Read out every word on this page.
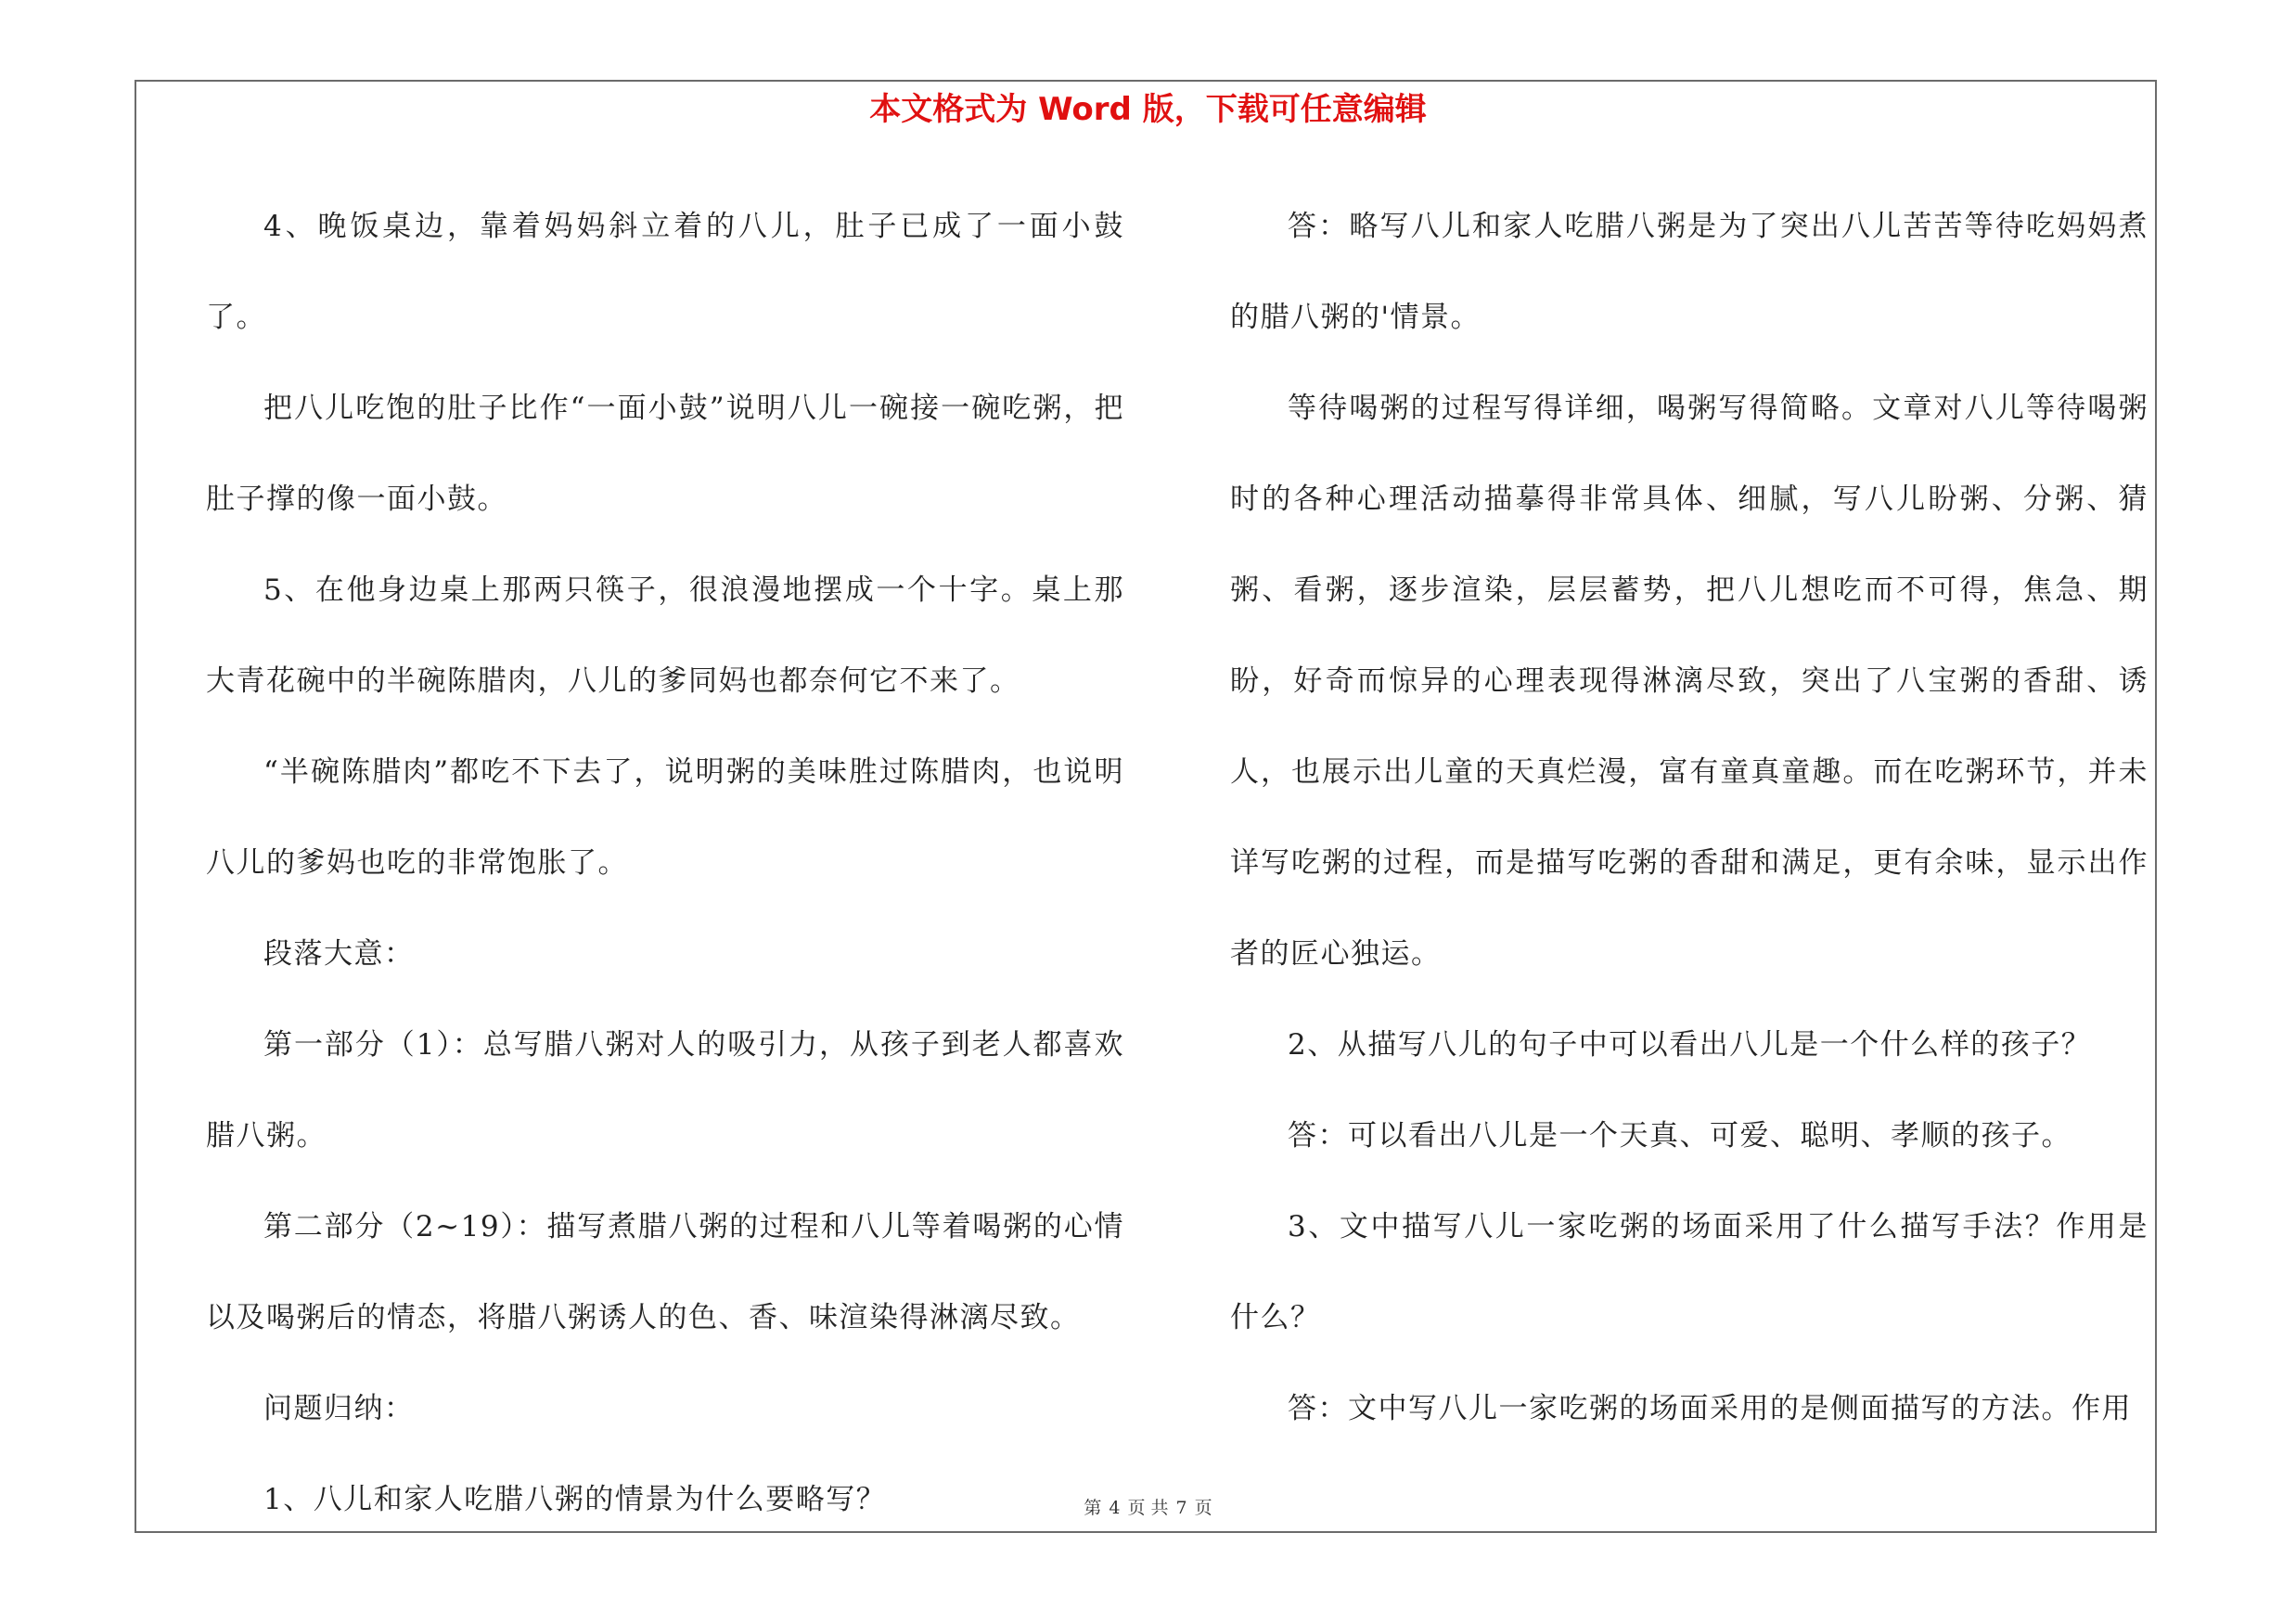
本文格式为 Word 版，下载可任意编辑

4、晚饭桌边，靠着妈妈斜立着的八儿，肚子已成了一面小鼓了。

把八儿吃饱的肚子比作“一面小鼓”说明八儿一碗接一碗吃粥，把肚子撑的像一面小鼓。

5、在他身边桌上那两只筷子，很浪漫地摆成一个十字。桌上那大青花碗中的半碗陈腊肉，八儿的爹同妈也都奈何它不来了。

“半碗陈腊肉”都吃不下去了，说明粥的美味胜过陈腊肉，也说明八儿的爹妈也吃的非常饱胀了。

段落大意：

第一部分（1）：总写腊八粥对人的吸引力，从孩子到老人都喜欢腊八粥。

第二部分（2~19）：描写煮腊八粥的过程和八儿等着喝粥的心情以及喝粥后的情态，将腊八粥诱人的色、香、味渲染得淋漓尽致。

问题归纳：

1、八儿和家人吃腊八粥的情景为什么要略写？

答：略写八儿和家人吃腊八粥是为了突出八儿苦苦等待吃妈妈煮的腊八粥的'情景。

等待喝粥的过程写得详细，喝粥写得简略。文章对八儿等待喝粥时的各种心理活动描摹得非常具体、细腻，写八儿盼粥、分粥、猜粥、看粥，逐步渲染，层层蓄势，把八儿想吃而不可得，焦急、期盼，好奇而惊异的心理表现得淋漓尽致，突出了八宝粥的香甜、诱人，也展示出儿童的天真烂漫，富有童真童趣。而在吃粥环节，并未详写吃粥的过程，而是描写吃粥的香甜和满足，更有余味，显示出作者的匠心独运。

2、从描写八儿的句子中可以看出八儿是一个什么样的孩子？

答：可以看出八儿是一个天真、可爱、聪明、孝顺的孩子。

3、文中描写八儿一家吃粥的场面采用了什么描写手法？作用是什么？

答：文中写八儿一家吃粥的场面采用的是侧面描写的方法。作用

第 4 页 共 7 页
